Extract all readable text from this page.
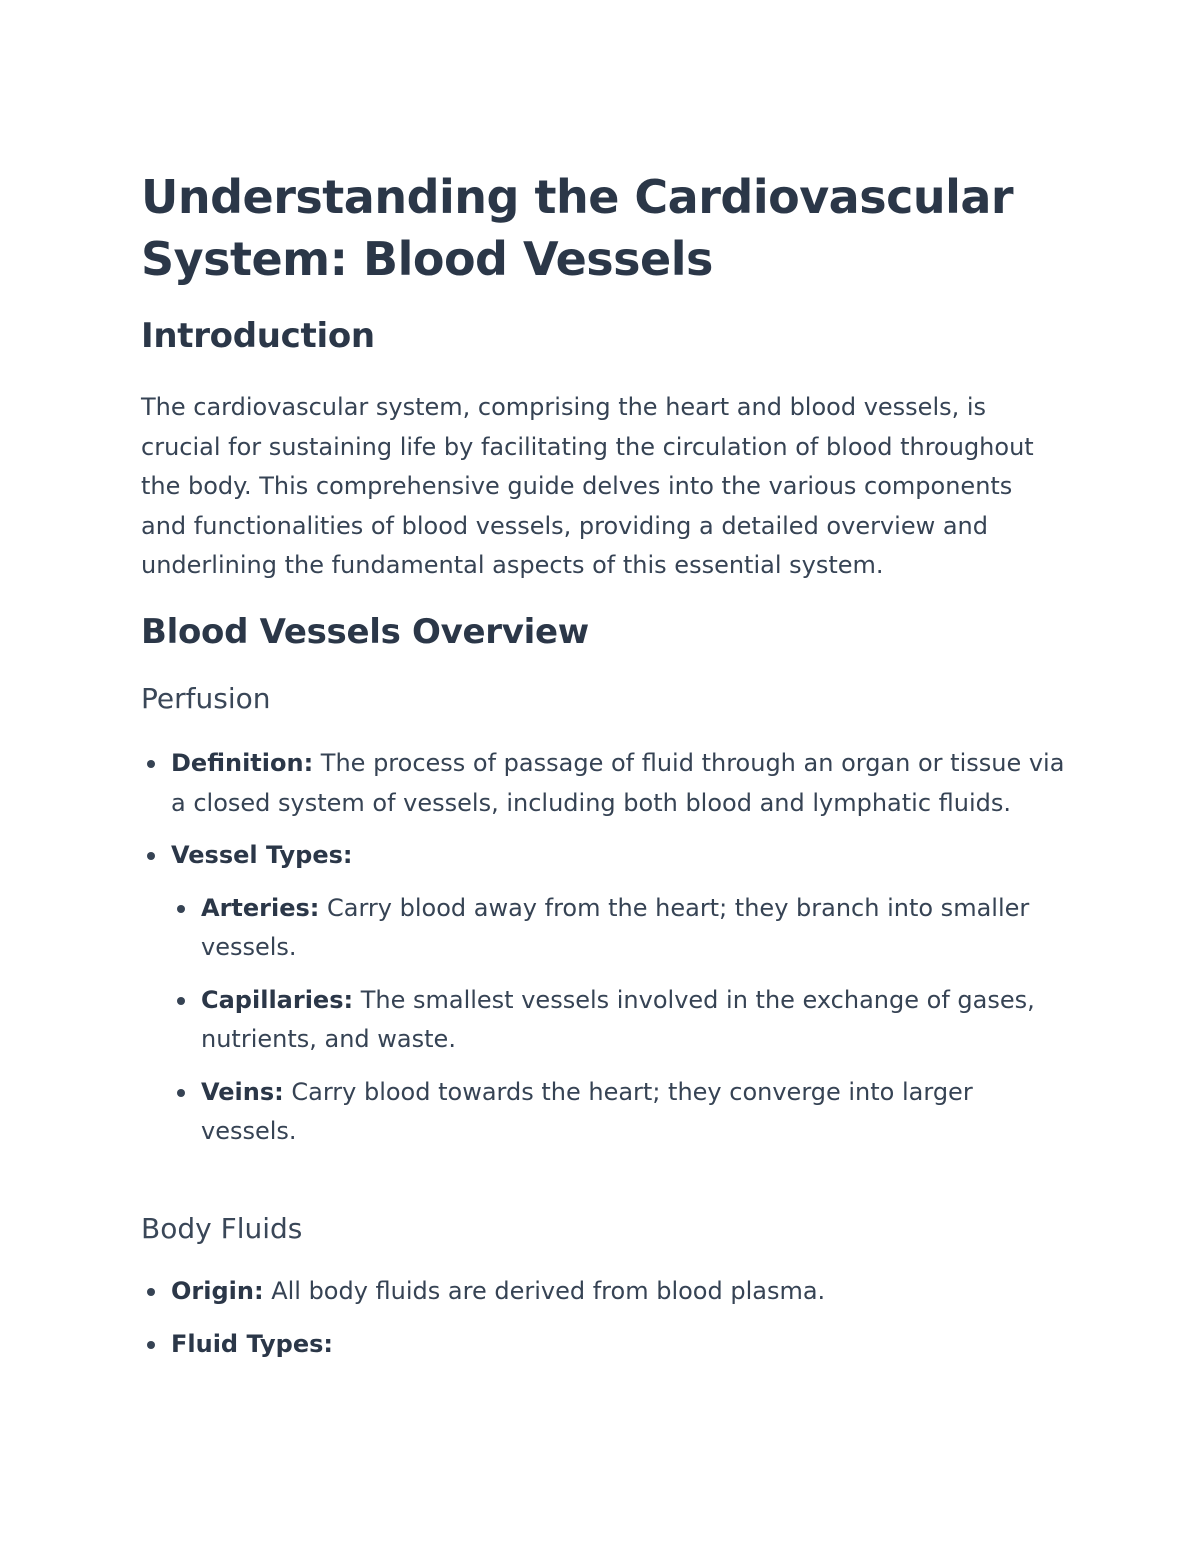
Understanding the Cardiovascular System: Blood Vessels
Introduction

The cardiovascular system, comprising the heart and blood vessels, is crucial for sustaining life by facilitating the circulation of blood throughout the body. This comprehensive guide delves into the various components and functionalities of blood vessels, providing a detailed overview and underlining the fundamental aspects of this essential system.

Blood Vessels Overview
Perfusion
Definition: The process of passage of fluid through an organ or tissue via a closed system of vessels, including both blood and lymphatic fluids.
Vessel Types:
Arteries: Carry blood away from the heart; they branch into smaller vessels.
Capillaries: The smallest vessels involved in the exchange of gases, nutrients, and waste.
Veins: Carry blood towards the heart; they converge into larger vessels.
Body Fluids
Origin: All body fluids are derived from blood plasma.
Fluid Types:
